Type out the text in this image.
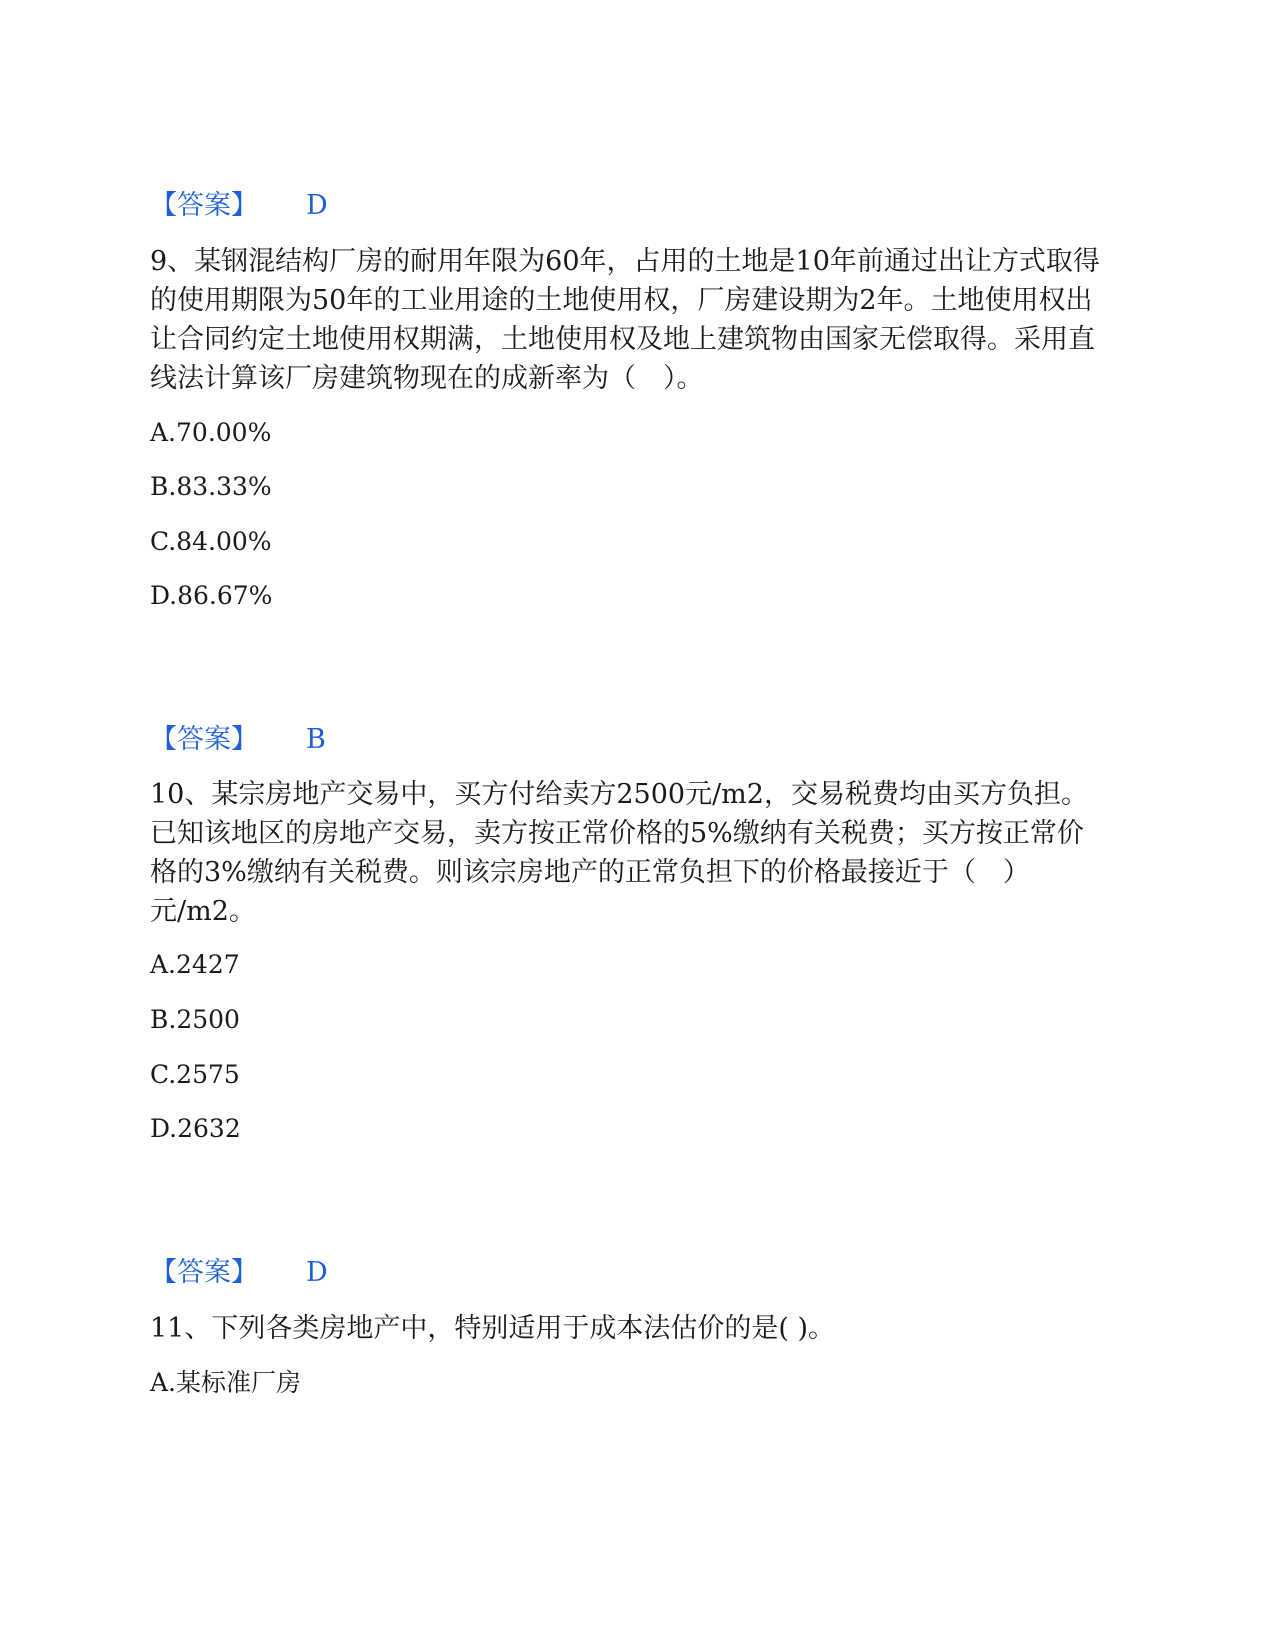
【答案】 D
9、某钢混结构厂房的耐用年限为60年，占用的土地是10年前通过出让方式取得的使用期限为50年的工业用途的土地使用权，厂房建设期为2年。土地使用权出让合同约定土地使用权期满，土地使用权及地上建筑物由国家无偿取得。采用直线法计算该厂房建筑物现在的成新率为（　）。
A.70.00%
B.83.33%
C.84.00%
D.86.67%
【答案】 B
10、某宗房地产交易中，买方付给卖方2500元/m2，交易税费均由买方负担。已知该地区的房地产交易，卖方按正常价格的5%缴纳有关税费；买方按正常价格的3%缴纳有关税费。则该宗房地产的正常负担下的价格最接近于（　）元/m2。
A.2427
B.2500
C.2575
D.2632
【答案】 D
11、下列各类房地产中，特别适用于成本法估价的是( )。
A.某标准厂房
